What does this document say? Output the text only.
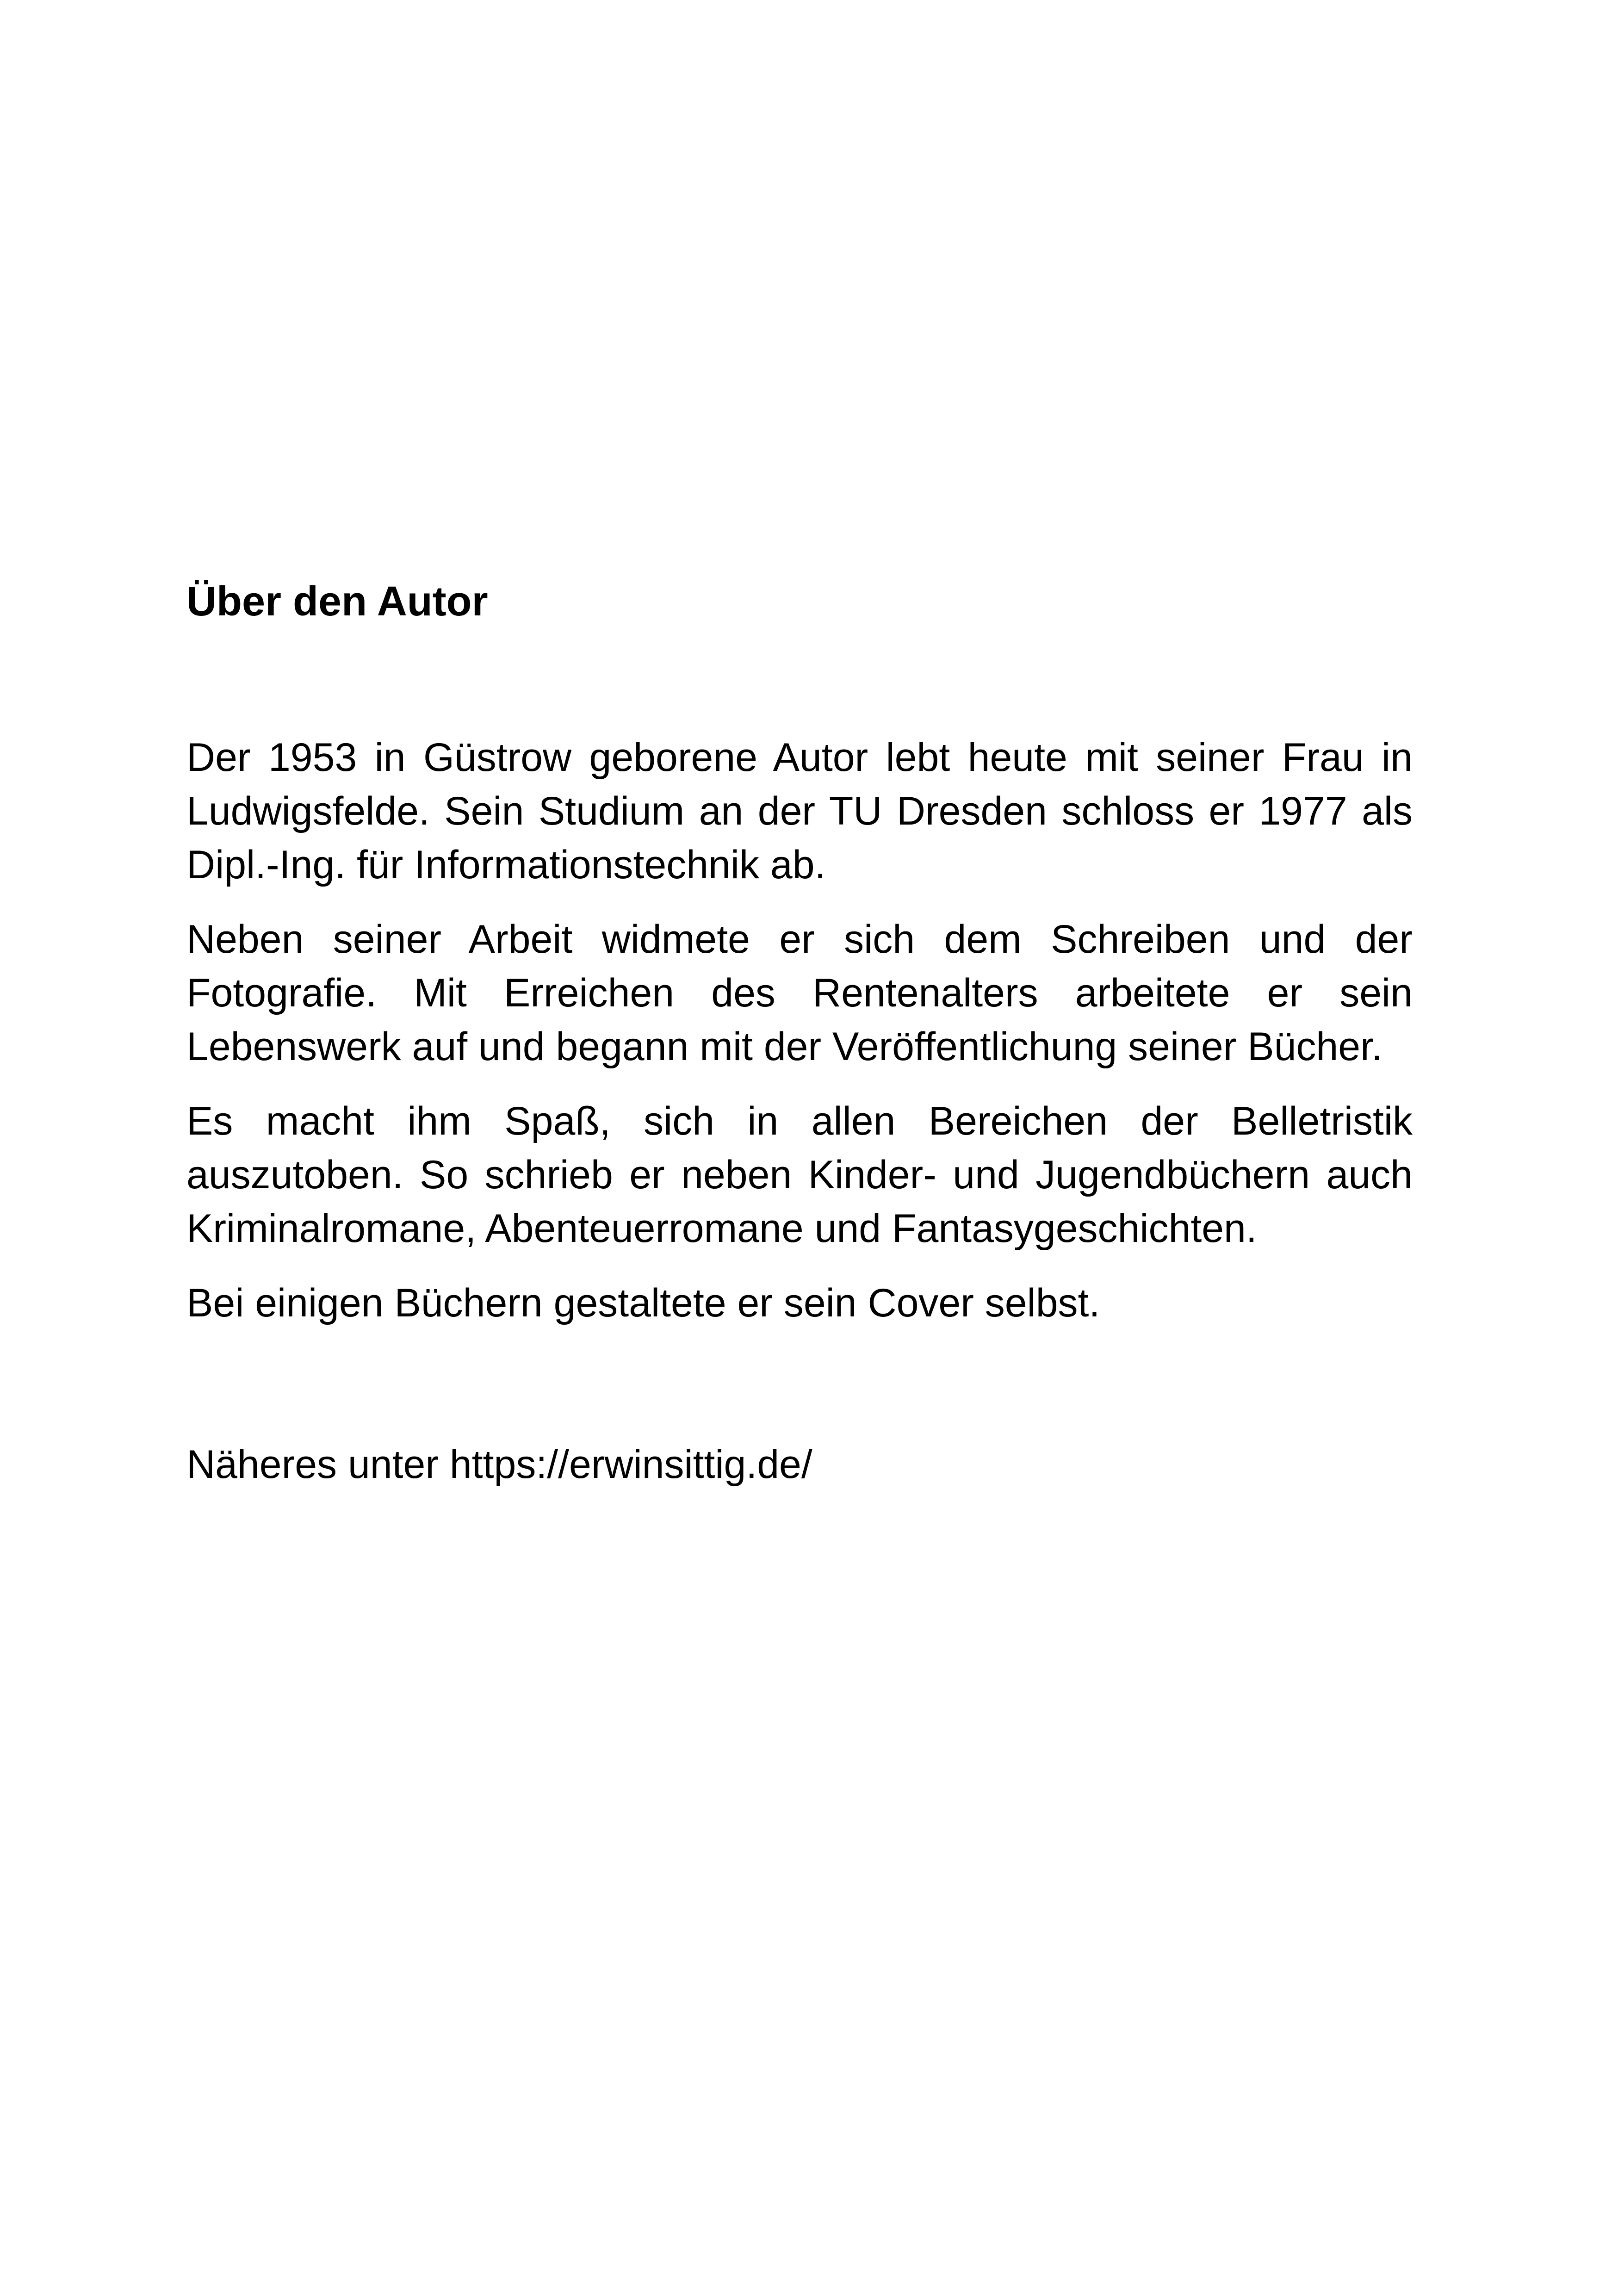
Über den Autor

Der 1953 in Güstrow geborene Autor lebt heute mit seiner Frau in Ludwigsfelde. Sein Studium an der TU Dresden schloss er 1977 als Dipl.-Ing. für Informationstechnik ab.

Neben seiner Arbeit widmete er sich dem Schreiben und der Fotografie. Mit Erreichen des Rentenalters arbeitete er sein Lebenswerk auf und begann mit der Veröffentlichung seiner Bücher.

Es macht ihm Spaß, sich in allen Bereichen der Belletristik auszutoben. So schrieb er neben Kinder- und Jugendbüchern auch Kriminalromane, Abenteuerromane und Fantasygeschichten.

Bei einigen Büchern gestaltete er sein Cover selbst.

Näheres unter https://erwinsittig.de/
